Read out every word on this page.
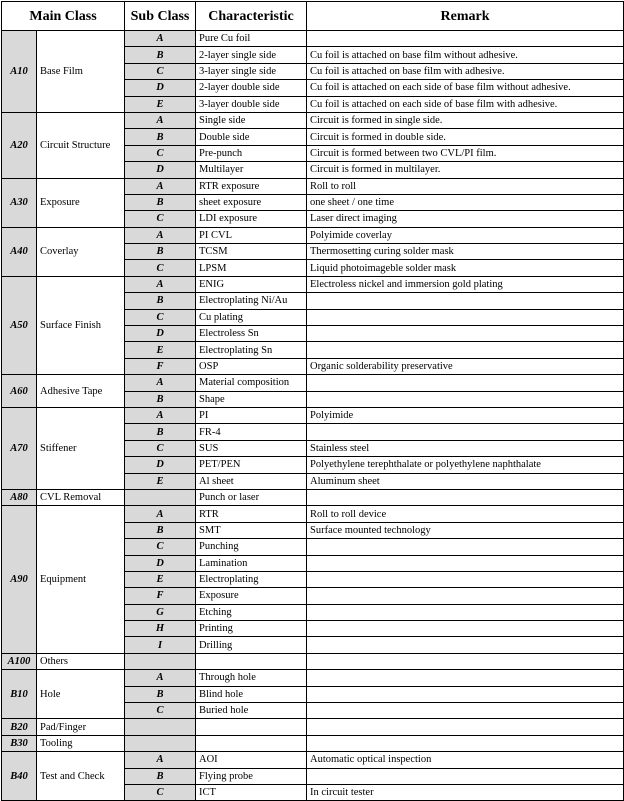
Main Class		Sub Class	Characteristic	Remark
A10	Base Film	A	Pure Cu foil	
		B	2-layer single side	Cu foil is attached on base film without adhesive.
		C	3-layer single side	Cu foil is attached on base film with adhesive.
		D	2-layer double side	Cu foil is attached on each side of base film without adhesive.
		E	3-layer double side	Cu foil is attached on each side of base film with adhesive.
A20	Circuit Structure	A	Single side	Circuit is formed in single side.
		B	Double side	Circuit is formed in double side.
		C	Pre-punch	Circuit is formed between two CVL/PI film.
		D	Multilayer	Circuit is formed in multilayer.
A30	Exposure	A	RTR exposure	Roll to roll
		B	sheet exposure	one sheet / one time
		C	LDI exposure	Laser direct imaging
A40	Coverlay	A	PI CVL	Polyimide coverlay
		B	TCSM	Thermosetting curing solder mask
		C	LPSM	Liquid photoimageble solder mask
A50	Surface Finish	A	ENIG	Electroless nickel and immersion gold plating
		B	Electroplating Ni/Au	
		C	Cu plating	
		D	Electroless Sn	
		E	Electroplating Sn	
		F	OSP	Organic solderability preservative
A60	Adhesive Tape	A	Material composition	
		B	Shape	
A70	Stiffener	A	PI	Polyimide
		B	FR-4	
		C	SUS	Stainless steel
		D	PET/PEN	Polyethylene terephthalate or polyethylene naphthalate
		E	Al sheet	Aluminum sheet
A80	CVL Removal		Punch or laser	
A90	Equipment	A	RTR	Roll to roll device
		B	SMT	Surface mounted technology
		C	Punching	
		D	Lamination	
		E	Electroplating	
		F	Exposure	
		G	Etching	
		H	Printing	
		I	Drilling	
A100	Others			
B10	Hole	A	Through hole	
		B	Blind hole	
		C	Buried hole	
B20	Pad/Finger			
B30	Tooling			
B40	Test and Check	A	AOI	Automatic optical inspection
		B	Flying probe	
		C	ICT	In circuit tester
